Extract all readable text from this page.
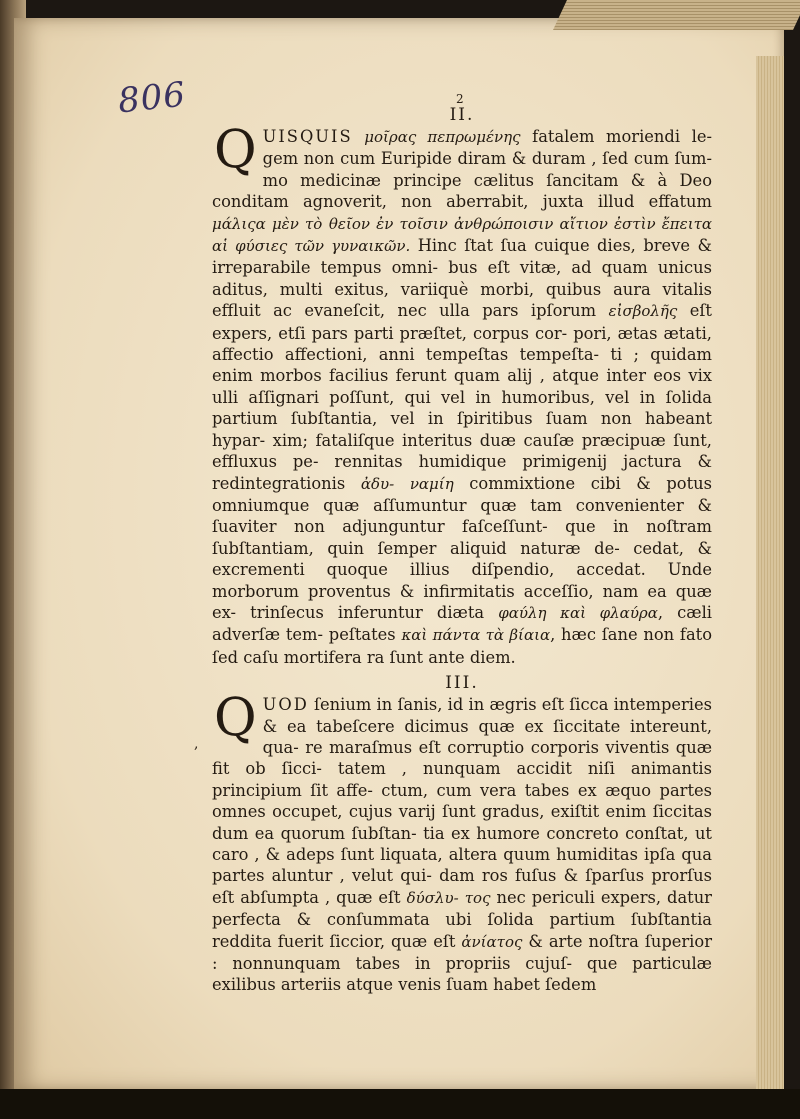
806	2
II.

QUISQUIS μοῖρας πεπρωμένης fatalem moriendi le- gem non cum Euripide diram & duram , ſed cum ſum- mo medicinæ principe cælitus ſancitam & à Deo conditam agnoverit, non aberrabit, juxta illud effatum μάλιςα μὲν τὸ θεῖον ἐν τοῖσιν ἀνθρώποισιν αἴτιον ἐστὶν ἔπειτα αἱ φύσιες τῶν γυναικῶν. Hinc ſtat ſua cuique dies, breve & irreparabile tempus omni- bus eſt vitæ, ad quam unicus aditus, multi exitus, variiquè morbi, quibus aura vitalis effluit ac evaneſcit, nec ulla pars ipſorum εἰσβολῆς eſt expers, etſi pars parti præſtet, corpus cor- pori, ætas ætati, affectio affectioni, anni tempeſtas tempeſta- ti ; quidam enim morbos facilius ferunt quam alij , atque inter eos vix ulli aſſignari poſſunt, qui vel in humoribus, vel in ſolida partium ſubſtantia, vel in ſpiritibus ſuam non habeant hypar- xim; fataliſque interitus duæ cauſæ præcipuæ ſunt, effluxus pe- rennitas humidique primigenij jactura & redintegrationis ἀδυ- ναμίη commixtione cibi & potus omniumque quæ aſſumuntur quæ tam convenienter & ſuaviter non adjunguntur faſceſſunt- que in noſtram ſubſtantiam, quin ſemper aliquid naturæ de- cedat, & excrementi quoque illius diſpendio, accedat. Unde morborum proventus & infirmitatis acceſſio, nam ea quæ ex- trinſecus inferuntur diæta φαύλη καὶ φλαύρα, cæli adverſæ tem- peſtates καὶ πάντα τὰ βίαια, hæc ſane non fato ſed caſu mortifera ra ſunt ante diem.

III.
, QUOD ſenium in ſanis, id in ægris eſt ſicca intemperies & ea tabeſcere dicimus quæ ex ſiccitate intereunt, qua- re maraſmus eſt corruptio corporis viventis quæ fit ob ſicci- tatem , nunquam accidit niſi animantis principium ſit affe- ctum, cum vera tabes ex æquo partes omnes occupet, cujus varij ſunt gradus, exiſtit enim ſiccitas dum ea quorum ſubſtan- tia ex humore concreto conſtat, ut caro , & adeps ſunt liquata, altera quum humiditas ipſa qua partes aluntur , velut qui- dam ros fuſus & ſparſus prorſus eſt abſumpta , quæ eſt δύσλυ- τος nec periculi expers, datur perfecta & conſummata ubi ſolida partium ſubſtantia reddita fuerit ſiccior, quæ eſt ἀνίατος & arte noſtra ſuperior : nonnunquam tabes in propriis cujuſ- que particulæ exilibus arteriis atque venis ſuam habet ſedem
